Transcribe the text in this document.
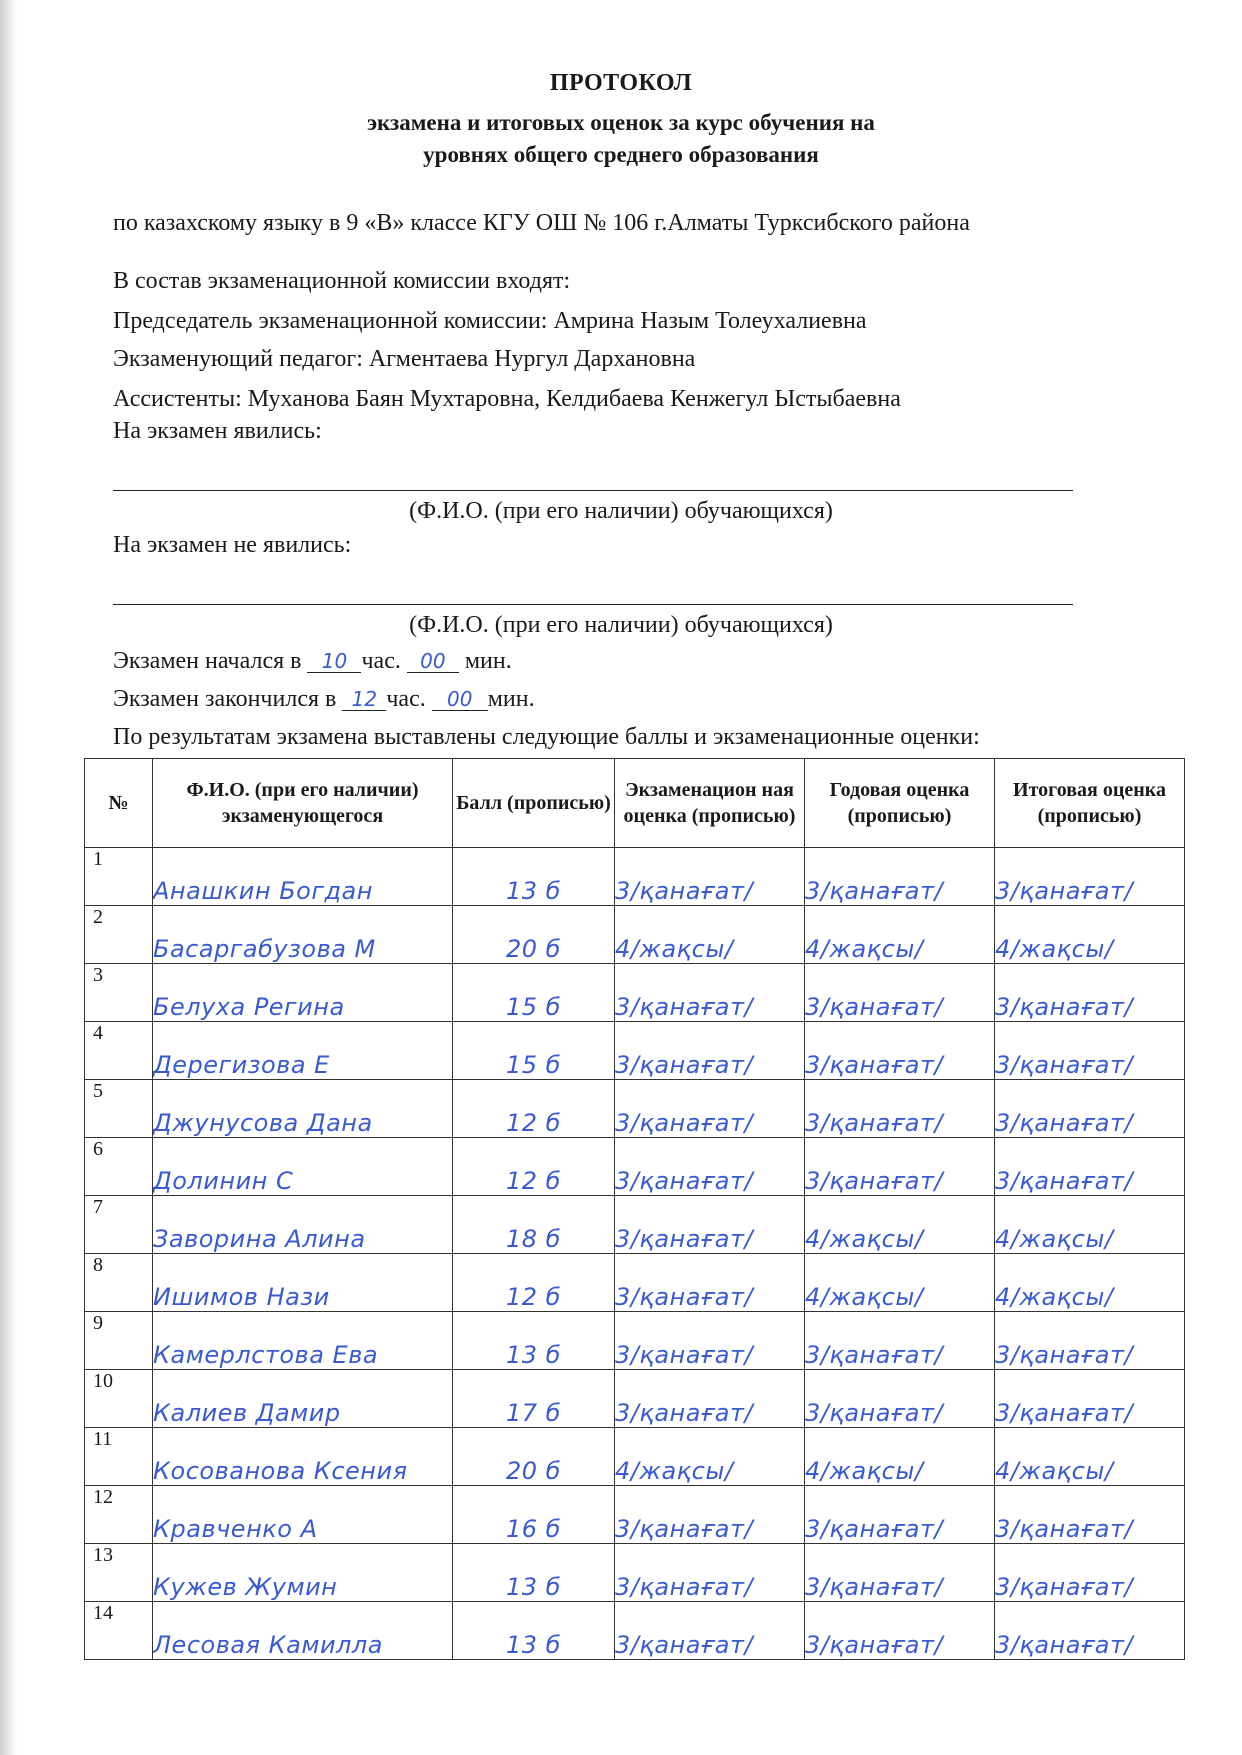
ПРОТОКОЛ
экзамена и итоговых оценок за курс обучения на
уровнях общего среднего образования
по казахскому языку в 9 «В» классе КГУ ОШ № 106 г.Алматы Турксибского района
В состав экзаменационной комиссии входят:
Председатель экзаменационной комиссии: Амрина Назым Толеухалиевна
Экзаменующий педагог: Агментаева Нургул Дархановна
Ассистенты: Муханова Баян Мухтаровна, Келдибаева Кенжегул Ыстыбаевна
На экзамен явились:
(Ф.И.О. (при его наличии) обучающихся)
На экзамен не явились:
(Ф.И.О. (при его наличии) обучающихся)
Экзамен начался в 10 час. 00 мин.
Экзамен закончился в 12 час. 00 мин.
По результатам экзамена выставлены следующие баллы и экзаменационные оценки:
№	Ф.И.О. (при его наличии) экзаменующегося	Балл (прописью)	Экзаменацион ная оценка (прописью)	Годовая оценка (прописью)	Итоговая оценка (прописью)
1	Анашкин Богдан	13 б	3/қанағат/	3/қанағат/	3/қанағат/
2	Басаргабузова М	20 б	4/жақсы/	4/жақсы/	4/жақсы/
3	Белуха Регина	15 б	3/қанағат/	3/қанағат/	3/қанағат/
4	Дерегизова Е	15 б	3/қанағат/	3/қанағат/	3/қанағат/
5	Джунусова Дана	12 б	3/қанағат/	3/қанағат/	3/қанағат/
6	Долинин С	12 б	3/қанағат/	3/қанағат/	3/қанағат/
7	Заворина Алина	18 б	3/қанағат/	4/жақсы/	4/жақсы/
8	Ишимов Нази	12 б	3/қанағат/	4/жақсы/	4/жақсы/
9	Камерлстова Ева	13 б	3/қанағат/	3/қанағат/	3/қанағат/
10	Калиев Дамир	17 б	3/қанағат/	3/қанағат/	3/қанағат/
11	Косованова Ксения	20 б	4/жақсы/	4/жақсы/	4/жақсы/
12	Кравченко А	16 б	3/қанағат/	3/қанағат/	3/қанағат/
13	Кужев Жумин	13 б	3/қанағат/	3/қанағат/	3/қанағат/
14	Лесовая Камилла	13 б	3/қанағат/	3/қанағат/	3/қанағат/
